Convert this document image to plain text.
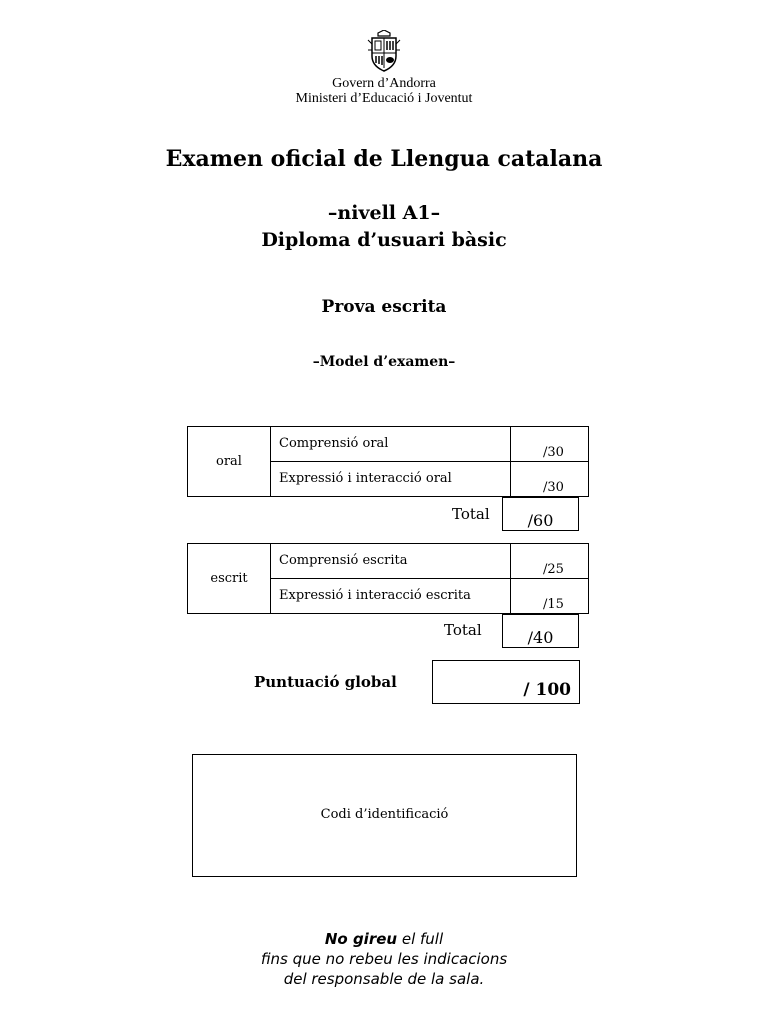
Govern d’Andorra
Ministeri d’Educació i Joventut
Examen oficial de Llengua catalana
–nivell A1–
Diploma d’usuari bàsic
Prova escrita
–Model d’examen–
oral	Comprensió oral	/30

	Expressió i interacció oral	/30
Total	/60
escrit	Comprensió escrita	/25

	Expressió i interacció escrita	/15
Total	/40
Puntuació global	/ 100
Codi d’identificació
No gireu el full
fins que no rebeu les indicacions
del responsable de la sala.
